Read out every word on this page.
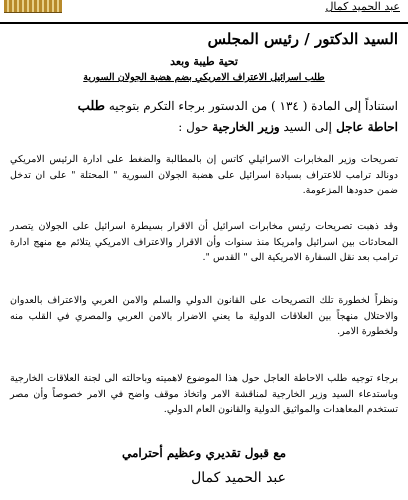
عبد الحميد كمال
السيد الدكتور / رئيس المجلس
تحية طيبة وبعد
طلب اسرائيل الاعتراف الامريكي بضم هضبة الجولان السورية
استناداً إلى المادة ( ١٣٤ ) من الدستور برجاء التكرم بتوجيه طلب
احاطة عاجل إلى السيد وزير الخارجية حول :
تصريحات وزير المخابرات الاسرائيلي كاتس إن بالمطالبة والضغط على ادارة الرئيس الامريكي دونالد ترامب للاعتراف بسيادة اسرائيل على هضبة الجولان السورية " المحتلة " على ان تدخل ضمن حدودها المزعومة.
وقد ذهبت تصريحات رئيس مخابرات اسرائيل أن الاقرار بسيطرة اسرائيل على الجولان يتصدر المحادثات بين اسرائيل وامريكا منذ سنوات وأن الاقرار والاعتراف الامريكي يتلائم مع منهج ادارة ترامب بعد نقل السفارة الامريكية الى " القدس ".
ونظراً لخطورة تلك التصريحات على القانون الدولي والسلم والامن العربي والاعتراف بالعدوان والاحتلال منهجاً بين العلاقات الدولية ما يعني الاضرار بالامن العربي والمصري في القلب منه ولخطورة الامر.
برجاء توجيه طلب الاحاطة العاجل حول هذا الموضوع لاهميته وباحالته الى لجنة العلاقات الخارجية وباستدعاء السيد وزير الخارجية لمناقشة الامر واتخاذ موقف واضح في الامر خصوصاً وأن مصر تستخدم المعاهدات والمواثيق الدولية والقانون العام الدولي.
مع قبول تقديري وعظيم أحترامي
عبد الحميد كمال
